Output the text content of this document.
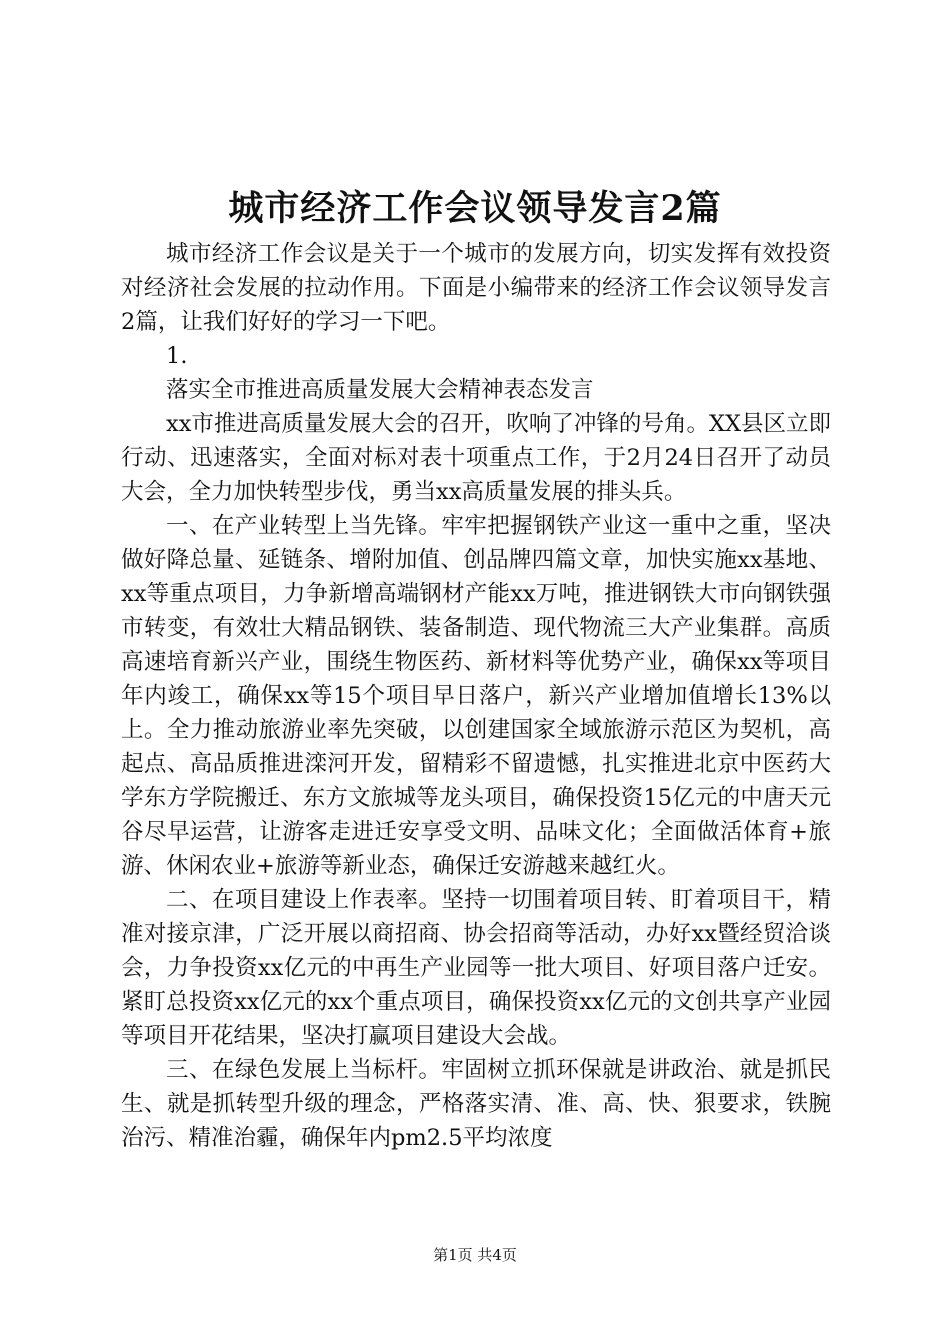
城市经济工作会议领导发言2篇

城市经济工作会议是关于一个城市的发展方向，切实发挥有效投资对经济社会发展的拉动作用。下面是小编带来的经济工作会议领导发言2篇，让我们好好的学习一下吧。

1.

落实全市推进高质量发展大会精神表态发言

xx市推进高质量发展大会的召开，吹响了冲锋的号角。XX县区立即行动、迅速落实，全面对标对表十项重点工作，于2月24日召开了动员大会，全力加快转型步伐，勇当xx高质量发展的排头兵。

一、在产业转型上当先锋。牢牢把握钢铁产业这一重中之重，坚决做好降总量、延链条、增附加值、创品牌四篇文章，加快实施xx基地、xx等重点项目，力争新增高端钢材产能xx万吨，推进钢铁大市向钢铁强市转变，有效壮大精品钢铁、装备制造、现代物流三大产业集群。高质高速培育新兴产业，围绕生物医药、新材料等优势产业，确保xx等项目年内竣工，确保xx等15个项目早日落户，新兴产业增加值增长13%以上。全力推动旅游业率先突破，以创建国家全域旅游示范区为契机，高起点、高品质推进滦河开发，留精彩不留遗憾，扎实推进北京中医药大学东方学院搬迁、东方文旅城等龙头项目，确保投资15亿元的中唐天元谷尽早运营，让游客走进迁安享受文明、品味文化；全面做活体育+旅游、休闲农业+旅游等新业态，确保迁安游越来越红火。

二、在项目建设上作表率。坚持一切围着项目转、盯着项目干，精准对接京津，广泛开展以商招商、协会招商等活动，办好xx暨经贸洽谈会，力争投资xx亿元的中再生产业园等一批大项目、好项目落户迁安。紧盯总投资xx亿元的xx个重点项目，确保投资xx亿元的文创共享产业园等项目开花结果，坚决打赢项目建设大会战。

三、在绿色发展上当标杆。牢固树立抓环保就是讲政治、就是抓民生、就是抓转型升级的理念，严格落实清、准、高、快、狠要求，铁腕治污、精准治霾，确保年内pm2.5平均浓度

第1页 共4页
